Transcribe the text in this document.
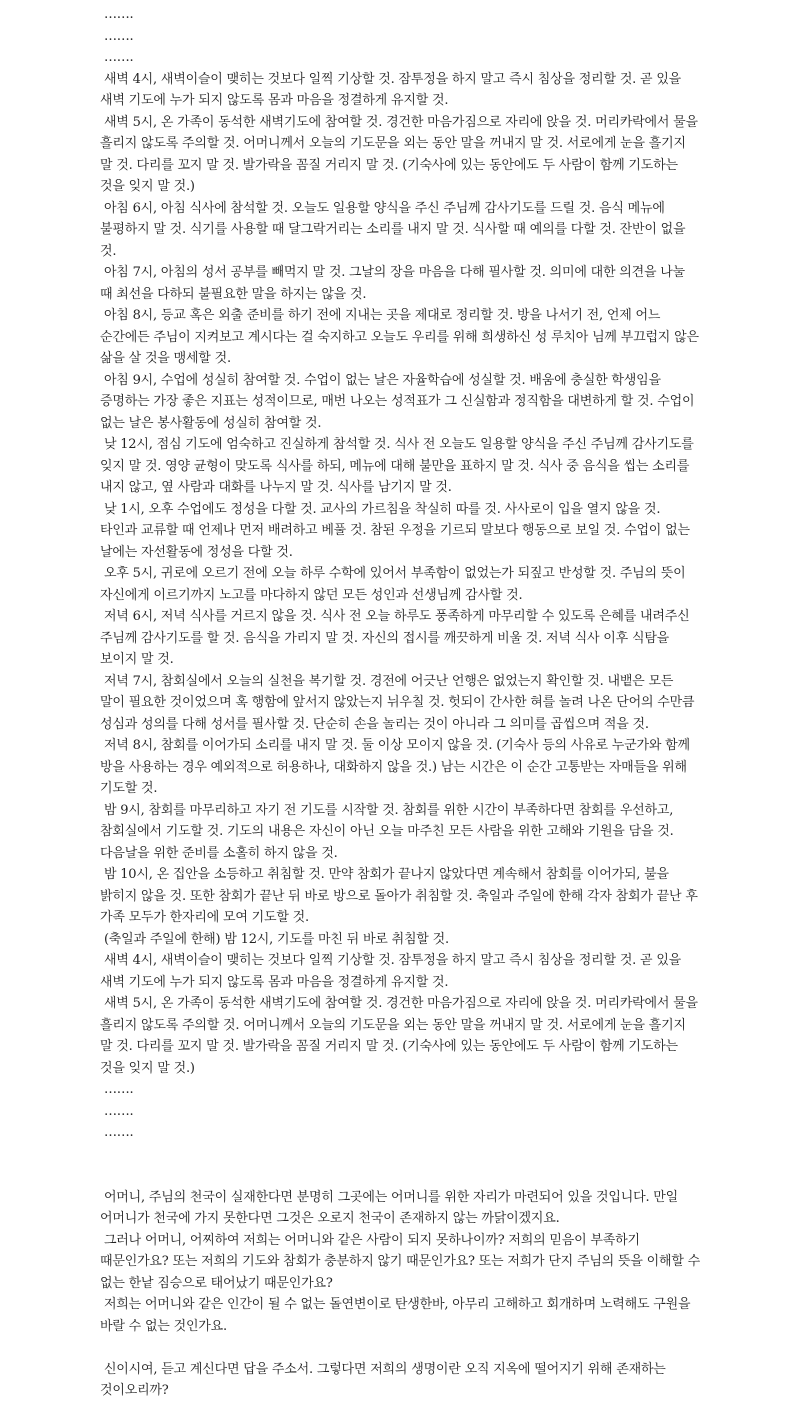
…….

…….

…….

새벽 4시, 새벽이슬이 맺히는 것보다 일찍 기상할 것. 잠투정을 하지 말고 즉시 침상을 정리할 것. 곧 있을 새벽 기도에 누가 되지 않도록 몸과 마음을 정결하게 유지할 것.

새벽 5시, 온 가족이 동석한 새벽기도에 참여할 것. 경건한 마음가짐으로 자리에 앉을 것. 머리카락에서 물을 흘리지 않도록 주의할 것. 어머니께서 오늘의 기도문을 외는 동안 말을 꺼내지 말 것. 서로에게 눈을 흘기지 말 것. 다리를 꼬지 말 것. 발가락을 꼼질 거리지 말 것. (기숙사에 있는 동안에도 두 사람이 함께 기도하는 것을 잊지 말 것.)

아침 6시, 아침 식사에 참석할 것. 오늘도 일용할 양식을 주신 주님께 감사기도를 드릴 것. 음식 메뉴에 불평하지 말 것. 식기를 사용할 때 달그락거리는 소리를 내지 말 것. 식사할 때 예의를 다할 것. 잔반이 없을 것.

아침 7시, 아침의 성서 공부를 빼먹지 말 것. 그날의 장을 마음을 다해 필사할 것. 의미에 대한 의견을 나눌 때 최선을 다하되 불필요한 말을 하지는 않을 것.

아침 8시, 등교 혹은 외출 준비를 하기 전에 지내는 곳을 제대로 정리할 것. 방을 나서기 전, 언제 어느 순간에든 주님이 지켜보고 계시다는 걸 숙지하고 오늘도 우리를 위해 희생하신 성 루치아 님께 부끄럽지 않은 삶을 살 것을 맹세할 것.

아침 9시, 수업에 성실히 참여할 것. 수업이 없는 날은 자율학습에 성실할 것. 배움에 충실한 학생임을 증명하는 가장 좋은 지표는 성적이므로, 매번 나오는 성적표가 그 신실함과 정직함을 대변하게 할 것. 수업이 없는 날은 봉사활동에 성실히 참여할 것.

낮 12시, 점심 기도에 엄숙하고 진실하게 참석할 것. 식사 전 오늘도 일용할 양식을 주신 주님께 감사기도를 잊지 말 것. 영양 균형이 맞도록 식사를 하되, 메뉴에 대해 불만을 표하지 말 것. 식사 중 음식을 씹는 소리를 내지 않고, 옆 사람과 대화를 나누지 말 것. 식사를 남기지 말 것.

낮 1시, 오후 수업에도 정성을 다할 것. 교사의 가르침을 착실히 따를 것. 사사로이 입을 열지 않을 것. 타인과 교류할 때 언제나 먼저 배려하고 베풀 것. 참된 우정을 기르되 말보다 행동으로 보일 것. 수업이 없는 날에는 자선활동에 정성을 다할 것.

오후 5시, 귀로에 오르기 전에 오늘 하루 수학에 있어서 부족함이 없었는가 되짚고 반성할 것. 주님의 뜻이 자신에게 이르기까지 노고를 마다하지 않던 모든 성인과 선생님께 감사할 것.

저녁 6시, 저녁 식사를 거르지 않을 것. 식사 전 오늘 하루도 풍족하게 마무리할 수 있도록 은혜를 내려주신 주님께 감사기도를 할 것. 음식을 가리지 말 것. 자신의 접시를 깨끗하게 비울 것. 저녁 식사 이후 식탐을 보이지 말 것.

저녁 7시, 참회실에서 오늘의 실천을 복기할 것. 경전에 어긋난 언행은 없었는지 확인할 것. 내뱉은 모든 말이 필요한 것이었으며 혹 행함에 앞서지 않았는지 뉘우칠 것. 헛되이 간사한 혀를 놀려 나온 단어의 수만큼 성심과 성의를 다해 성서를 필사할 것. 단순히 손을 놀리는 것이 아니라 그 의미를 곱씹으며 적을 것.

저녁 8시, 참회를 이어가되 소리를 내지 말 것. 둘 이상 모이지 않을 것. (기숙사 등의 사유로 누군가와 함께 방을 사용하는 경우 예외적으로 허용하나, 대화하지 않을 것.) 남는 시간은 이 순간 고통받는 자매들을 위해 기도할 것.

밤 9시, 참회를 마무리하고 자기 전 기도를 시작할 것. 참회를 위한 시간이 부족하다면 참회를 우선하고, 참회실에서 기도할 것. 기도의 내용은 자신이 아닌 오늘 마주친 모든 사람을 위한 고해와 기원을 담을 것. 다음날을 위한 준비를 소홀히 하지 않을 것.

밤 10시, 온 집안을 소등하고 취침할 것. 만약 참회가 끝나지 않았다면 계속해서 참회를 이어가되, 불을 밝히지 않을 것. 또한 참회가 끝난 뒤 바로 방으로 돌아가 취침할 것. 축일과 주일에 한해 각자 참회가 끝난 후 가족 모두가 한자리에 모여 기도할 것.

(축일과 주일에 한해) 밤 12시, 기도를 마친 뒤 바로 취침할 것.

새벽 4시, 새벽이슬이 맺히는 것보다 일찍 기상할 것. 잠투정을 하지 말고 즉시 침상을 정리할 것. 곧 있을 새벽 기도에 누가 되지 않도록 몸과 마음을 정결하게 유지할 것.

새벽 5시, 온 가족이 동석한 새벽기도에 참여할 것. 경건한 마음가짐으로 자리에 앉을 것. 머리카락에서 물을 흘리지 않도록 주의할 것. 어머니께서 오늘의 기도문을 외는 동안 말을 꺼내지 말 것. 서로에게 눈을 흘기지 말 것. 다리를 꼬지 말 것. 발가락을 꼼질 거리지 말 것. (기숙사에 있는 동안에도 두 사람이 함께 기도하는 것을 잊지 말 것.)

…….

…….

…….

어머니, 주님의 천국이 실재한다면 분명히 그곳에는 어머니를 위한 자리가 마련되어 있을 것입니다. 만일 어머니가 천국에 가지 못한다면 그것은 오로지 천국이 존재하지 않는 까닭이겠지요.

그러나 어머니, 어찌하여 저희는 어머니와 같은 사람이 되지 못하나이까? 저희의 믿음이 부족하기 때문인가요? 또는 저희의 기도와 참회가 충분하지 않기 때문인가요? 또는 저희가 단지 주님의 뜻을 이해할 수 없는 한낱 짐승으로 태어났기 때문인가요?

저희는 어머니와 같은 인간이 될 수 없는 돌연변이로 탄생한바, 아무리 고해하고 회개하며 노력해도 구원을 바랄 수 없는 것인가요.

신이시여, 듣고 계신다면 답을 주소서. 그렇다면 저희의 생명이란 오직 지옥에 떨어지기 위해 존재하는 것이오리까?
